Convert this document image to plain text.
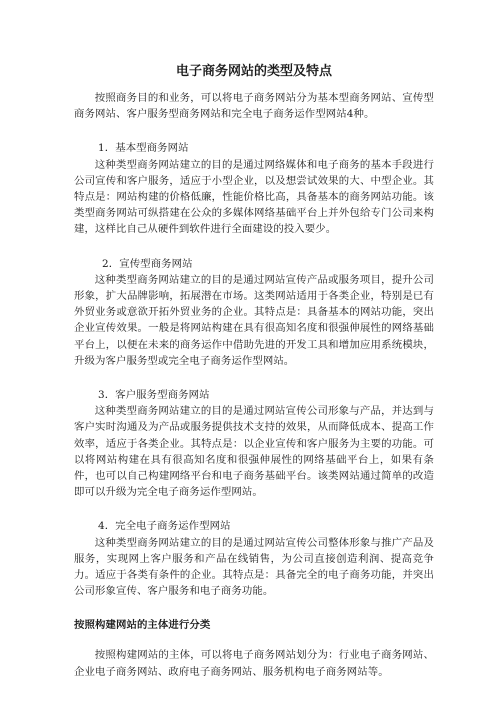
电子商务网站的类型及特点

按照商务目的和业务，可以将电子商务网站分为基本型商务网站、宣传型商务网站、客户服务型商务网站和完全电子商务运作型网站4种。

1．基本型商务网站

这种类型商务网站建立的目的是通过网络媒体和电子商务的基本手段进行公司宣传和客户服务，适应于小型企业，以及想尝试效果的大、中型企业。其特点是：网站构建的价格低廉，性能价格比高，具备基本的商务网站功能。该类型商务网站可纵搭建在公众的多媒体网络基础平台上并外包给专门公司来构建，这样比自己从硬件到软件进行全面建设的投入要少。

2．宣传型商务网站

这种类型商务网站建立的目的是通过网站宣传产品或服务项目，提升公司形象，扩大品牌影响，拓展潜在市场。这类网站适用于各类企业，特别是已有外贸业务或意欲开拓外贸业务的企业。其特点是：具备基本的网站功能，突出企业宣传效果。一般是将网站构建在具有很高知名度和很强伸展性的网络基础平台上，以便在未来的商务运作中借助先进的开发工具和增加应用系统模块，升级为客户服务型或完全电子商务运作型网站。

3．客户服务型商务网站

这种类型商务网站建立的目的是通过网站宣传公司形象与产品，并达到与客户实时沟通及为产品或服务提供技术支持的效果，从而降低成本、提高工作效率，适应于各类企业。其特点是：以企业宣传和客户服务为主要的功能。可以将网站构建在具有很高知名度和很强伸展性的网络基础平台上，如果有条件，也可以自己构建网络平台和电子商务基础平台。该类网站通过简单的改造即可以升级为完全电子商务运作型网站。

4．完全电子商务运作型网站

这种类型商务网站建立的目的是通过网站宣传公司整体形象与推广产品及服务，实现网上客户服务和产品在线销售，为公司直接创造利润、提高竞争力。适应于各类有条件的企业。其特点是：具备完全的电子商务功能，并突出公司形象宣传、客户服务和电子商务功能。

按照构建网站的主体进行分类

按照构建网站的主体，可以将电子商务网站划分为：行业电子商务网站、企业电子商务网站、政府电子商务网站、服务机构电子商务网站等。
